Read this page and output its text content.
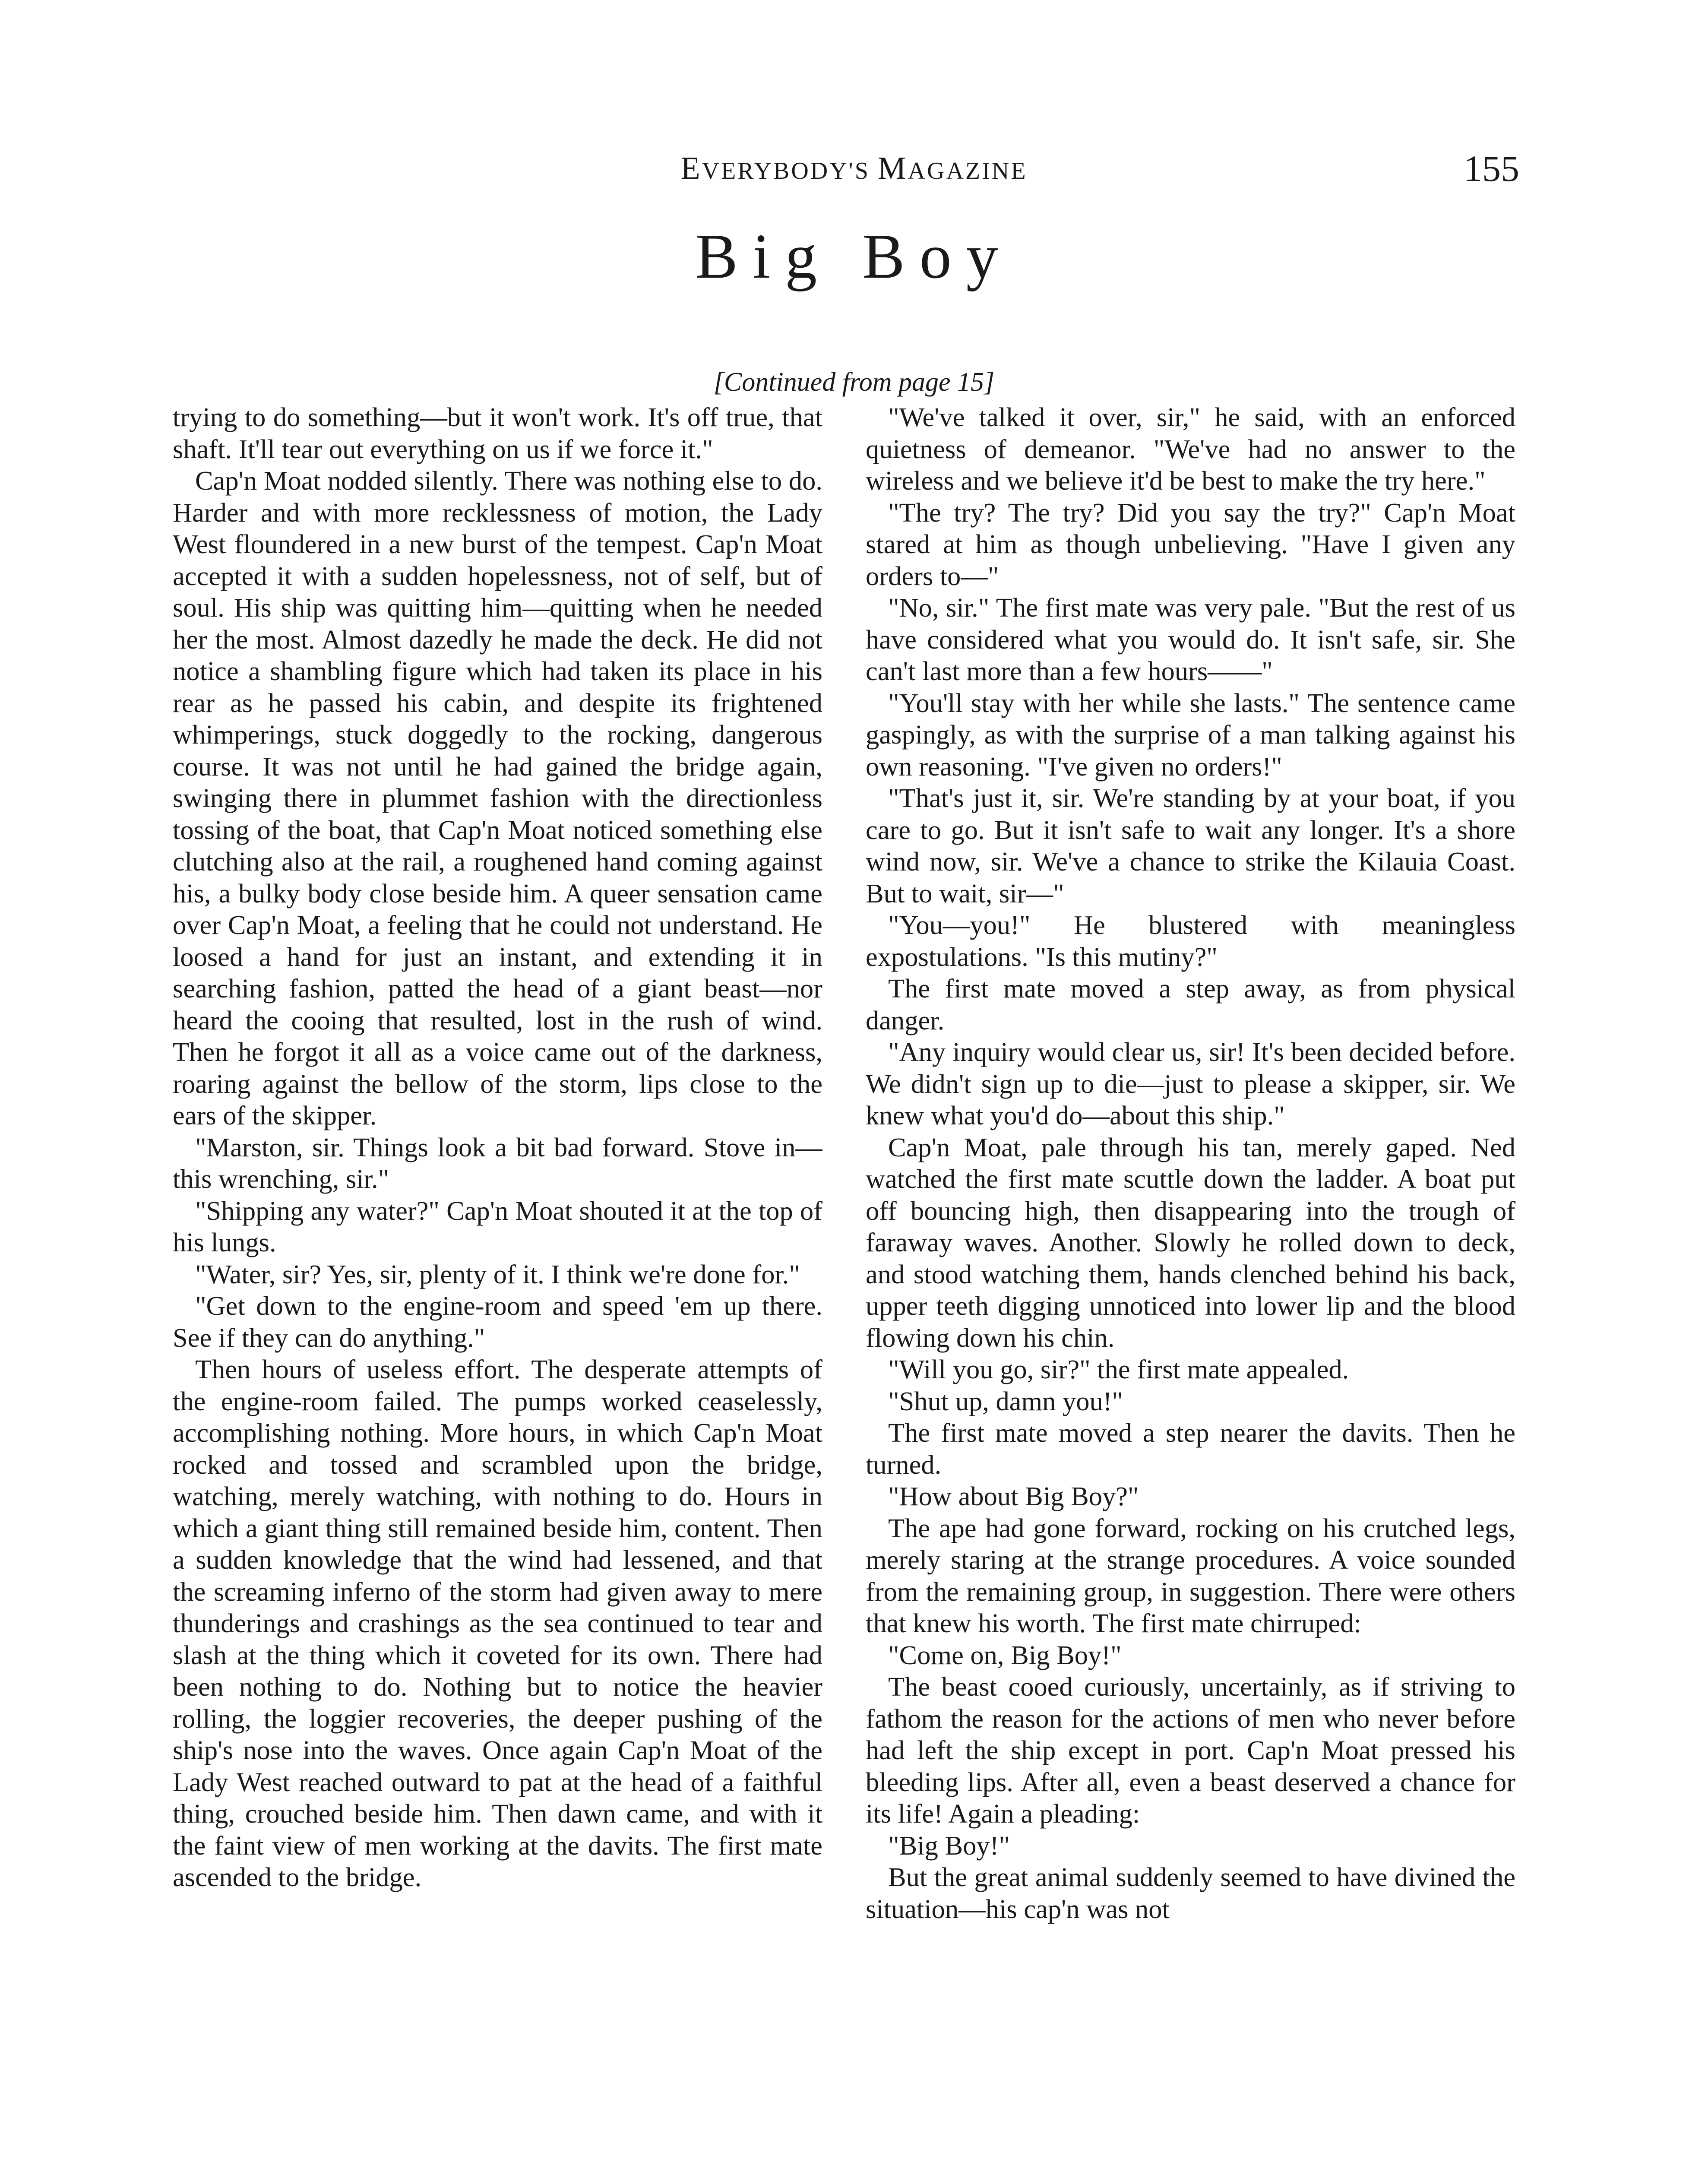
EVERYBODY'S MAGAZINE	155
Big Boy
[Continued from page 15]

trying to do something—but it won't work. It's off true, that shaft. It'll tear out everything on us if we force it."

Cap'n Moat nodded silently. There was nothing else to do. Harder and with more recklessness of motion, the Lady West floundered in a new burst of the tempest. Cap'n Moat accepted it with a sudden hopelessness, not of self, but of soul. His ship was quitting him—quitting when he needed her the most. Almost dazedly he made the deck. He did not notice a shambling figure which had taken its place in his rear as he passed his cabin, and despite its frightened whimperings, stuck doggedly to the rocking, dangerous course. It was not until he had gained the bridge again, swinging there in plummet fashion with the directionless tossing of the boat, that Cap'n Moat noticed something else clutching also at the rail, a roughened hand coming against his, a bulky body close beside him. A queer sensation came over Cap'n Moat, a feeling that he could not understand. He loosed a hand for just an instant, and extending it in searching fashion, patted the head of a giant beast—nor heard the cooing that resulted, lost in the rush of wind. Then he forgot it all as a voice came out of the darkness, roaring against the bellow of the storm, lips close to the ears of the skipper.

"Marston, sir. Things look a bit bad forward. Stove in—this wrenching, sir."

"Shipping any water?" Cap'n Moat shouted it at the top of his lungs.

"Water, sir? Yes, sir, plenty of it. I think we're done for."

"Get down to the engine-room and speed 'em up there. See if they can do anything."

Then hours of useless effort. The desperate attempts of the engine-room failed. The pumps worked ceaselessly, accomplishing nothing. More hours, in which Cap'n Moat rocked and tossed and scrambled upon the bridge, watching, merely watching, with nothing to do. Hours in which a giant thing still remained beside him, content. Then a sudden knowledge that the wind had lessened, and that the screaming inferno of the storm had given away to mere thunderings and crashings as the sea continued to tear and slash at the thing which it coveted for its own. There had been nothing to do. Nothing but to notice the heavier rolling, the loggier recoveries, the deeper pushing of the ship's nose into the waves. Once again Cap'n Moat of the Lady West reached outward to pat at the head of a faithful thing, crouched beside him. Then dawn came, and with it the faint view of men working at the davits. The first mate ascended to the bridge.

"We've talked it over, sir," he said, with an enforced quietness of demeanor. "We've had no answer to the wireless and we believe it'd be best to make the try here."

"The try? The try? Did you say the try?" Cap'n Moat stared at him as though unbelieving. "Have I given any orders to—"

"No, sir." The first mate was very pale. "But the rest of us have considered what you would do. It isn't safe, sir. She can't last more than a few hours——"

"You'll stay with her while she lasts." The sentence came gaspingly, as with the surprise of a man talking against his own reasoning. "I've given no orders!"

"That's just it, sir. We're standing by at your boat, if you care to go. But it isn't safe to wait any longer. It's a shore wind now, sir. We've a chance to strike the Kilauia Coast. But to wait, sir—"

"You—you!" He blustered with meaningless expostulations. "Is this mutiny?"

The first mate moved a step away, as from physical danger.

"Any inquiry would clear us, sir! It's been decided before. We didn't sign up to die—just to please a skipper, sir. We knew what you'd do—about this ship."

Cap'n Moat, pale through his tan, merely gaped. Ned watched the first mate scuttle down the ladder. A boat put off bouncing high, then disappearing into the trough of faraway waves. Another. Slowly he rolled down to deck, and stood watching them, hands clenched behind his back, upper teeth digging unnoticed into lower lip and the blood flowing down his chin.

"Will you go, sir?" the first mate appealed.

"Shut up, damn you!"

The first mate moved a step nearer the davits. Then he turned.

"How about Big Boy?"

The ape had gone forward, rocking on his crutched legs, merely staring at the strange procedures. A voice sounded from the remaining group, in suggestion. There were others that knew his worth. The first mate chirruped:

"Come on, Big Boy!"

The beast cooed curiously, uncertainly, as if striving to fathom the reason for the actions of men who never before had left the ship except in port. Cap'n Moat pressed his bleeding lips. After all, even a beast deserved a chance for its life! Again a pleading:

"Big Boy!"

But the great animal suddenly seemed to have divined the situation—his cap'n was not
